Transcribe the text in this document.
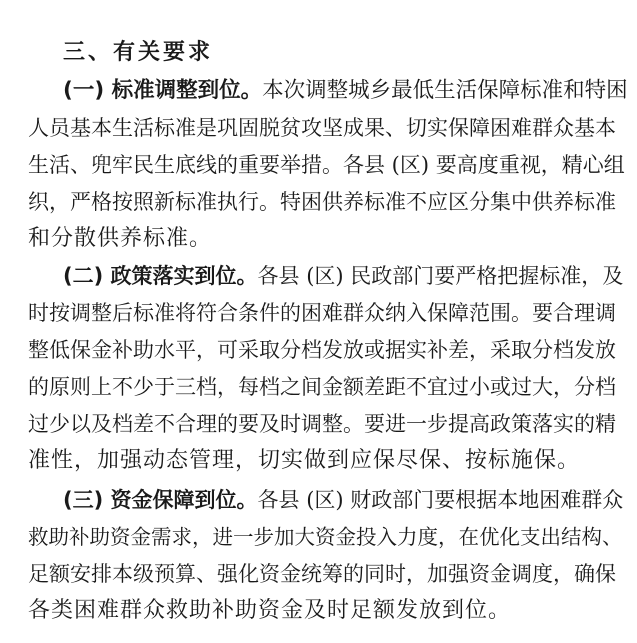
三、有关要求
(一) 标准调整到位。本次调整城乡最低生活保障标准和特困
人员基本生活标准是巩固脱贫攻坚成果、切实保障困难群众基本
生活、兜牢民生底线的重要举措。各县 (区) 要高度重视，精心组
织，严格按照新标准执行。特困供养标准不应区分集中供养标准
和分散供养标准。
(二) 政策落实到位。各县 (区) 民政部门要严格把握标准，及
时按调整后标准将符合条件的困难群众纳入保障范围。要合理调
整低保金补助水平，可采取分档发放或据实补差，采取分档发放
的原则上不少于三档，每档之间金额差距不宜过小或过大，分档
过少以及档差不合理的要及时调整。要进一步提高政策落实的精
准性，加强动态管理，切实做到应保尽保、按标施保。
(三) 资金保障到位。各县 (区) 财政部门要根据本地困难群众
救助补助资金需求，进一步加大资金投入力度，在优化支出结构、
足额安排本级预算、强化资金统筹的同时，加强资金调度，确保
各类困难群众救助补助资金及时足额发放到位。
